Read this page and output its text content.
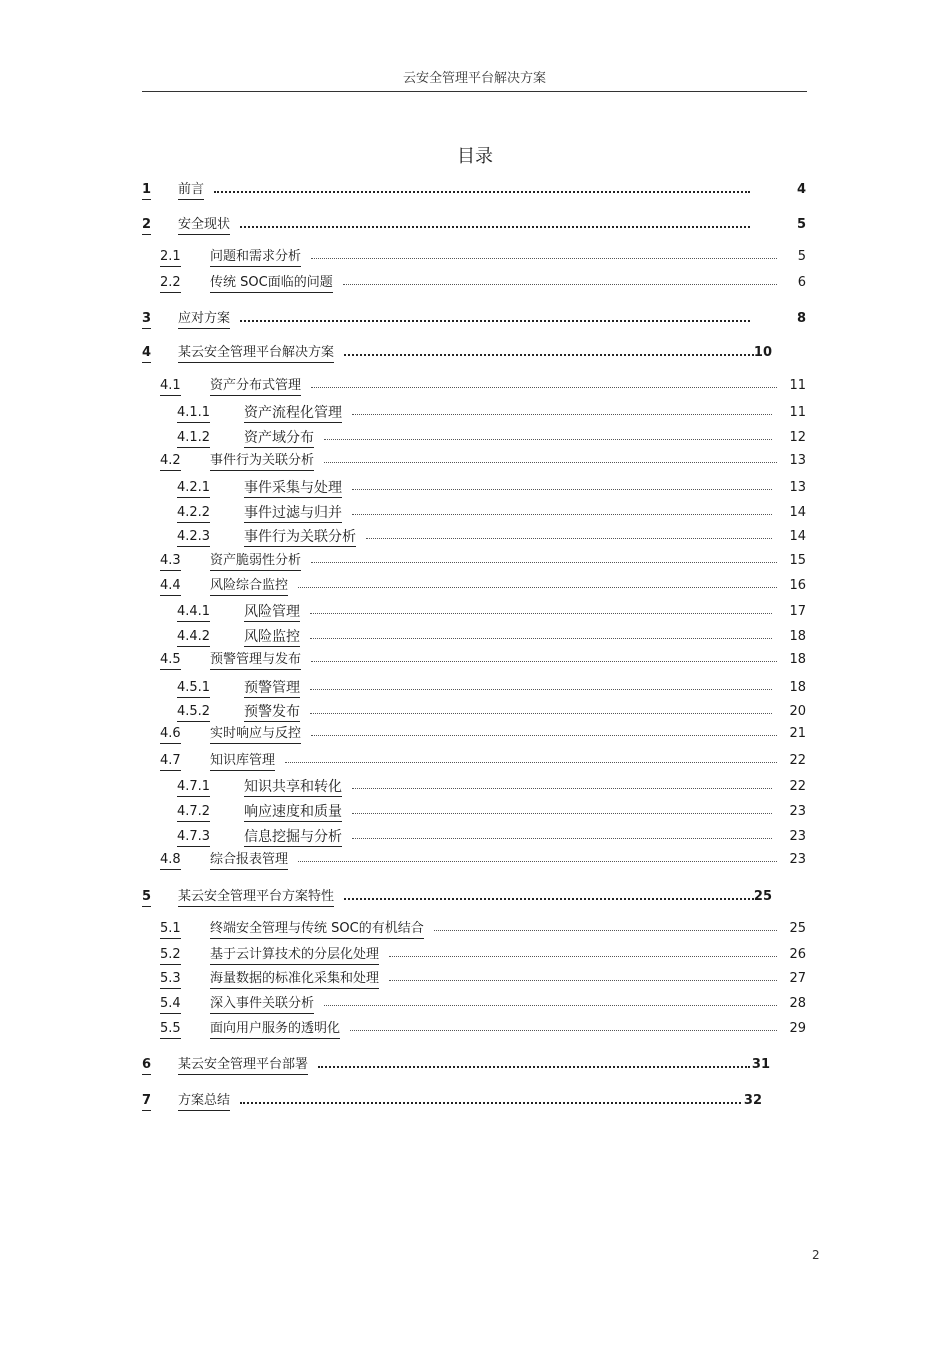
云安全管理平台解决方案
目录
1 前言	4
2 安全现状	5
2.1 问题和需求分析	5
2.2 传统 SOC面临的问题	6
3 应对方案	8
4 某云安全管理平台解决方案	10
4.1 资产分布式管理	11
4.1.1 资产流程化管理	11
4.1.2 资产域分布	12
4.2 事件行为关联分析	13
4.2.1 事件采集与处理	13
4.2.2 事件过滤与归并	14
4.2.3 事件行为关联分析	14
4.3 资产脆弱性分析	15
4.4 风险综合监控	16
4.4.1 风险管理	17
4.4.2 风险监控	18
4.5 预警管理与发布	18
4.5.1 预警管理	18
4.5.2 预警发布	20
4.6 实时响应与反控	21
4.7 知识库管理	22
4.7.1 知识共享和转化	22
4.7.2 响应速度和质量	23
4.7.3 信息挖掘与分析	23
4.8 综合报表管理	23
5 某云安全管理平台方案特性	25
5.1 终端安全管理与传统 SOC的有机结合	25
5.2 基于云计算技术的分层化处理	26
5.3 海量数据的标准化采集和处理	27
5.4 深入事件关联分析	28
5.5 面向用户服务的透明化	29
6 某云安全管理平台部署	31
7 方案总结	32
2
